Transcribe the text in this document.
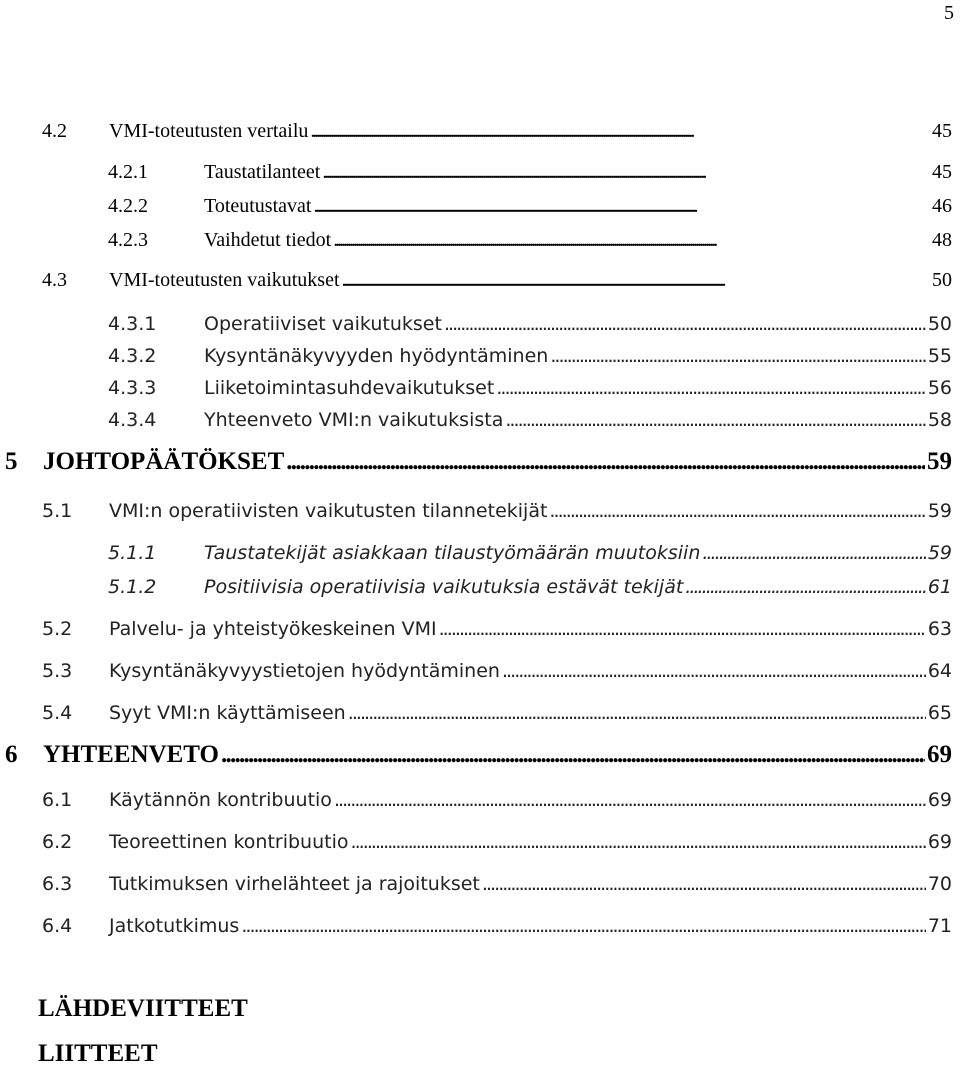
5
4.2	VMI-toteutusten vertailu . . .	45
4.2.1	Taustatilanteet . . .	45
4.2.2	Toteutustavat . . .	46
4.2.3	Vaihdetut tiedot . . .	48
4.3	VMI-toteutusten vaikutukset . . .	50
4.3.1	Operatiiviset vaikutukset . . .	50
4.3.2	Kysyntänäkyvyyden hyödyntäminen . . .	55
4.3.3	Liiketoimintasuhdevaikutukset . . .	56
4.3.4	Yhteenveto VMI:n vaikutuksista . . .	58
5	JOHTOPÄÄTÖKSET . . .	59
5.1	VMI:n operatiivisten vaikutusten tilannetekijät . . .	59
5.1.1	Taustatekijät asiakkaan tilaustyömäärän muutoksiin . . .	59
5.1.2	Positiivisia operatiivisia vaikutuksia estävät tekijät . . .	61
5.2	Palvelu- ja yhteistyökeskeinen VMI . . .	63
5.3	Kysyntänäkyvyystietojen hyödyntäminen . . .	64
5.4	Syyt VMI:n käyttämiseen . . .	65
6	YHTEENVETO . . .	69
6.1	Käytännön kontribuutio . . .	69
6.2	Teoreettinen kontribuutio . . .	69
6.3	Tutkimuksen virhelähteet ja rajoitukset . . .	70
6.4	Jatkotutkimus . . .	71
LÄHDEVIITTEET
LIITTEET
